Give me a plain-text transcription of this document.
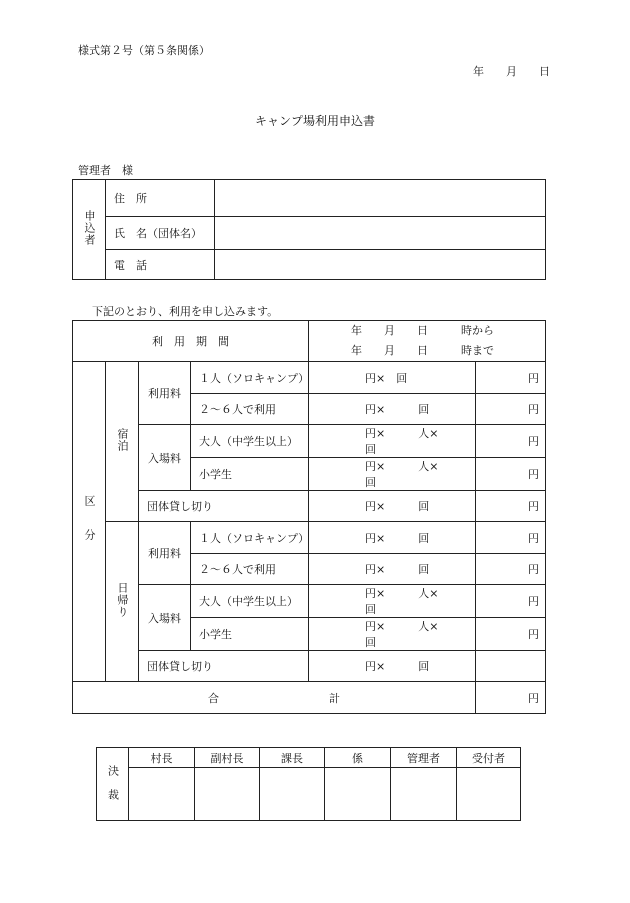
様式第２号（第５条関係）
年　　月　　日
キャンプ場利用申込書
管理者　様
申込者	住　所	
	氏　名（団体名）	
	電　話	
下記のとおり、利用を申し込みます。
利　用　期　間				年　　月　　日　　　時から
年　　月　　日　　　時まで	

区　分	宿泊	利用料	１人（ソロキャンプ）	円×　 回	円
			２～６人で利用	円×　　　 回	円
		入場料	大人（中学生以上）	円×　　　 人×　　　回	円
			小学生	円×　　　 人×　　　回	円
		団体貸し切り		円×　　　 回	円
	日帰り	利用料	１人（ソロキャンプ）	円×　　　 回	円
			２～６人で利用	円×　　　 回	円
		入場料	大人（中学生以上）	円×　　　 人×　　　回	円
			小学生	円×　　　 人×　　　回	円
		団体貸し切り		円×　　　 回	
合 計					円
決　裁	村長	副村長	課長	係	管理者	受付者
